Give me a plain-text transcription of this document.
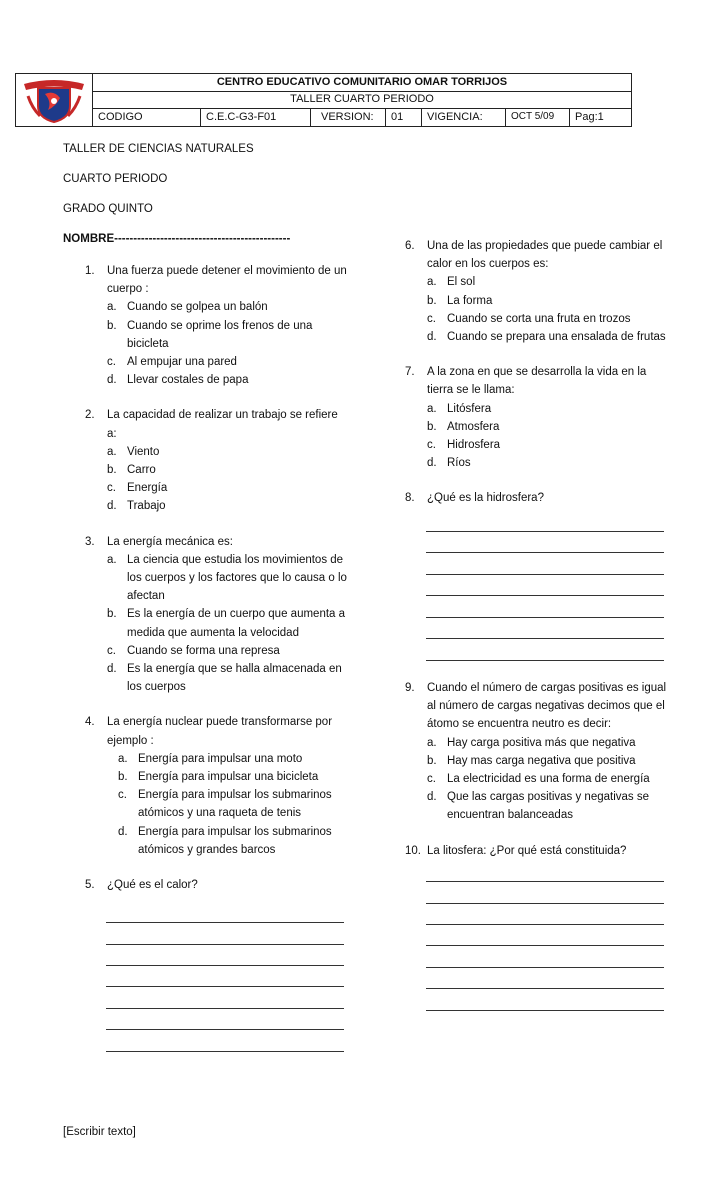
CENTRO EDUCATIVO COMUNITARIO OMAR TORRIJOS
TALLER CUARTO PERIODO
CODIGO	C.E.C-G3-F01	VERSION:	01	VIGENCIA:	OCT 5/09	Pag:1
TALLER DE CIENCIAS NATURALES
CUARTO PERIODO
GRADO QUINTO
NOMBRE----------------------------------------------
1. Una fuerza puede detener el movimiento de un cuerpo :
a. Cuando se golpea un balón
b. Cuando se oprime los frenos de una bicicleta
c. Al empujar una pared
d. Llevar costales de papa
2. La capacidad de realizar un trabajo se refiere a:
a. Viento
b. Carro
c. Energía
d. Trabajo
3. La energía mecánica es:
a. La ciencia que estudia los movimientos de los cuerpos y los factores que lo causa o lo afectan
b. Es la energía de un cuerpo que aumenta a medida que aumenta la velocidad
c. Cuando se forma una represa
d. Es la energía que se halla almacenada en los cuerpos
4. La energía nuclear puede transformarse por ejemplo :
a. Energía para impulsar una moto
b. Energía para impulsar una bicicleta
c. Energía para impulsar los submarinos atómicos y una raqueta de tenis
d. Energía para impulsar los submarinos atómicos y grandes barcos
5. ¿Qué es el calor?
6. Una de las propiedades que puede cambiar el calor en los cuerpos es:
a. El sol
b. La forma
c. Cuando se corta una fruta en trozos
d. Cuando se prepara una ensalada de frutas
7. A la zona en que se desarrolla la vida en la tierra se le llama:
a. Litósfera
b. Atmosfera
c. Hidrosfera
d. Ríos
8. ¿Qué es la hidrosfera?
9. Cuando el número de cargas positivas es igual al número de cargas negativas decimos que el átomo se encuentra neutro es decir:
a. Hay carga positiva más que negativa
b. Hay mas carga negativa que positiva
c. La electricidad es una forma de energía
d. Que las cargas positivas y negativas se encuentran balanceadas
10. La litosfera: ¿Por qué está constituida?
[Escribir texto]
